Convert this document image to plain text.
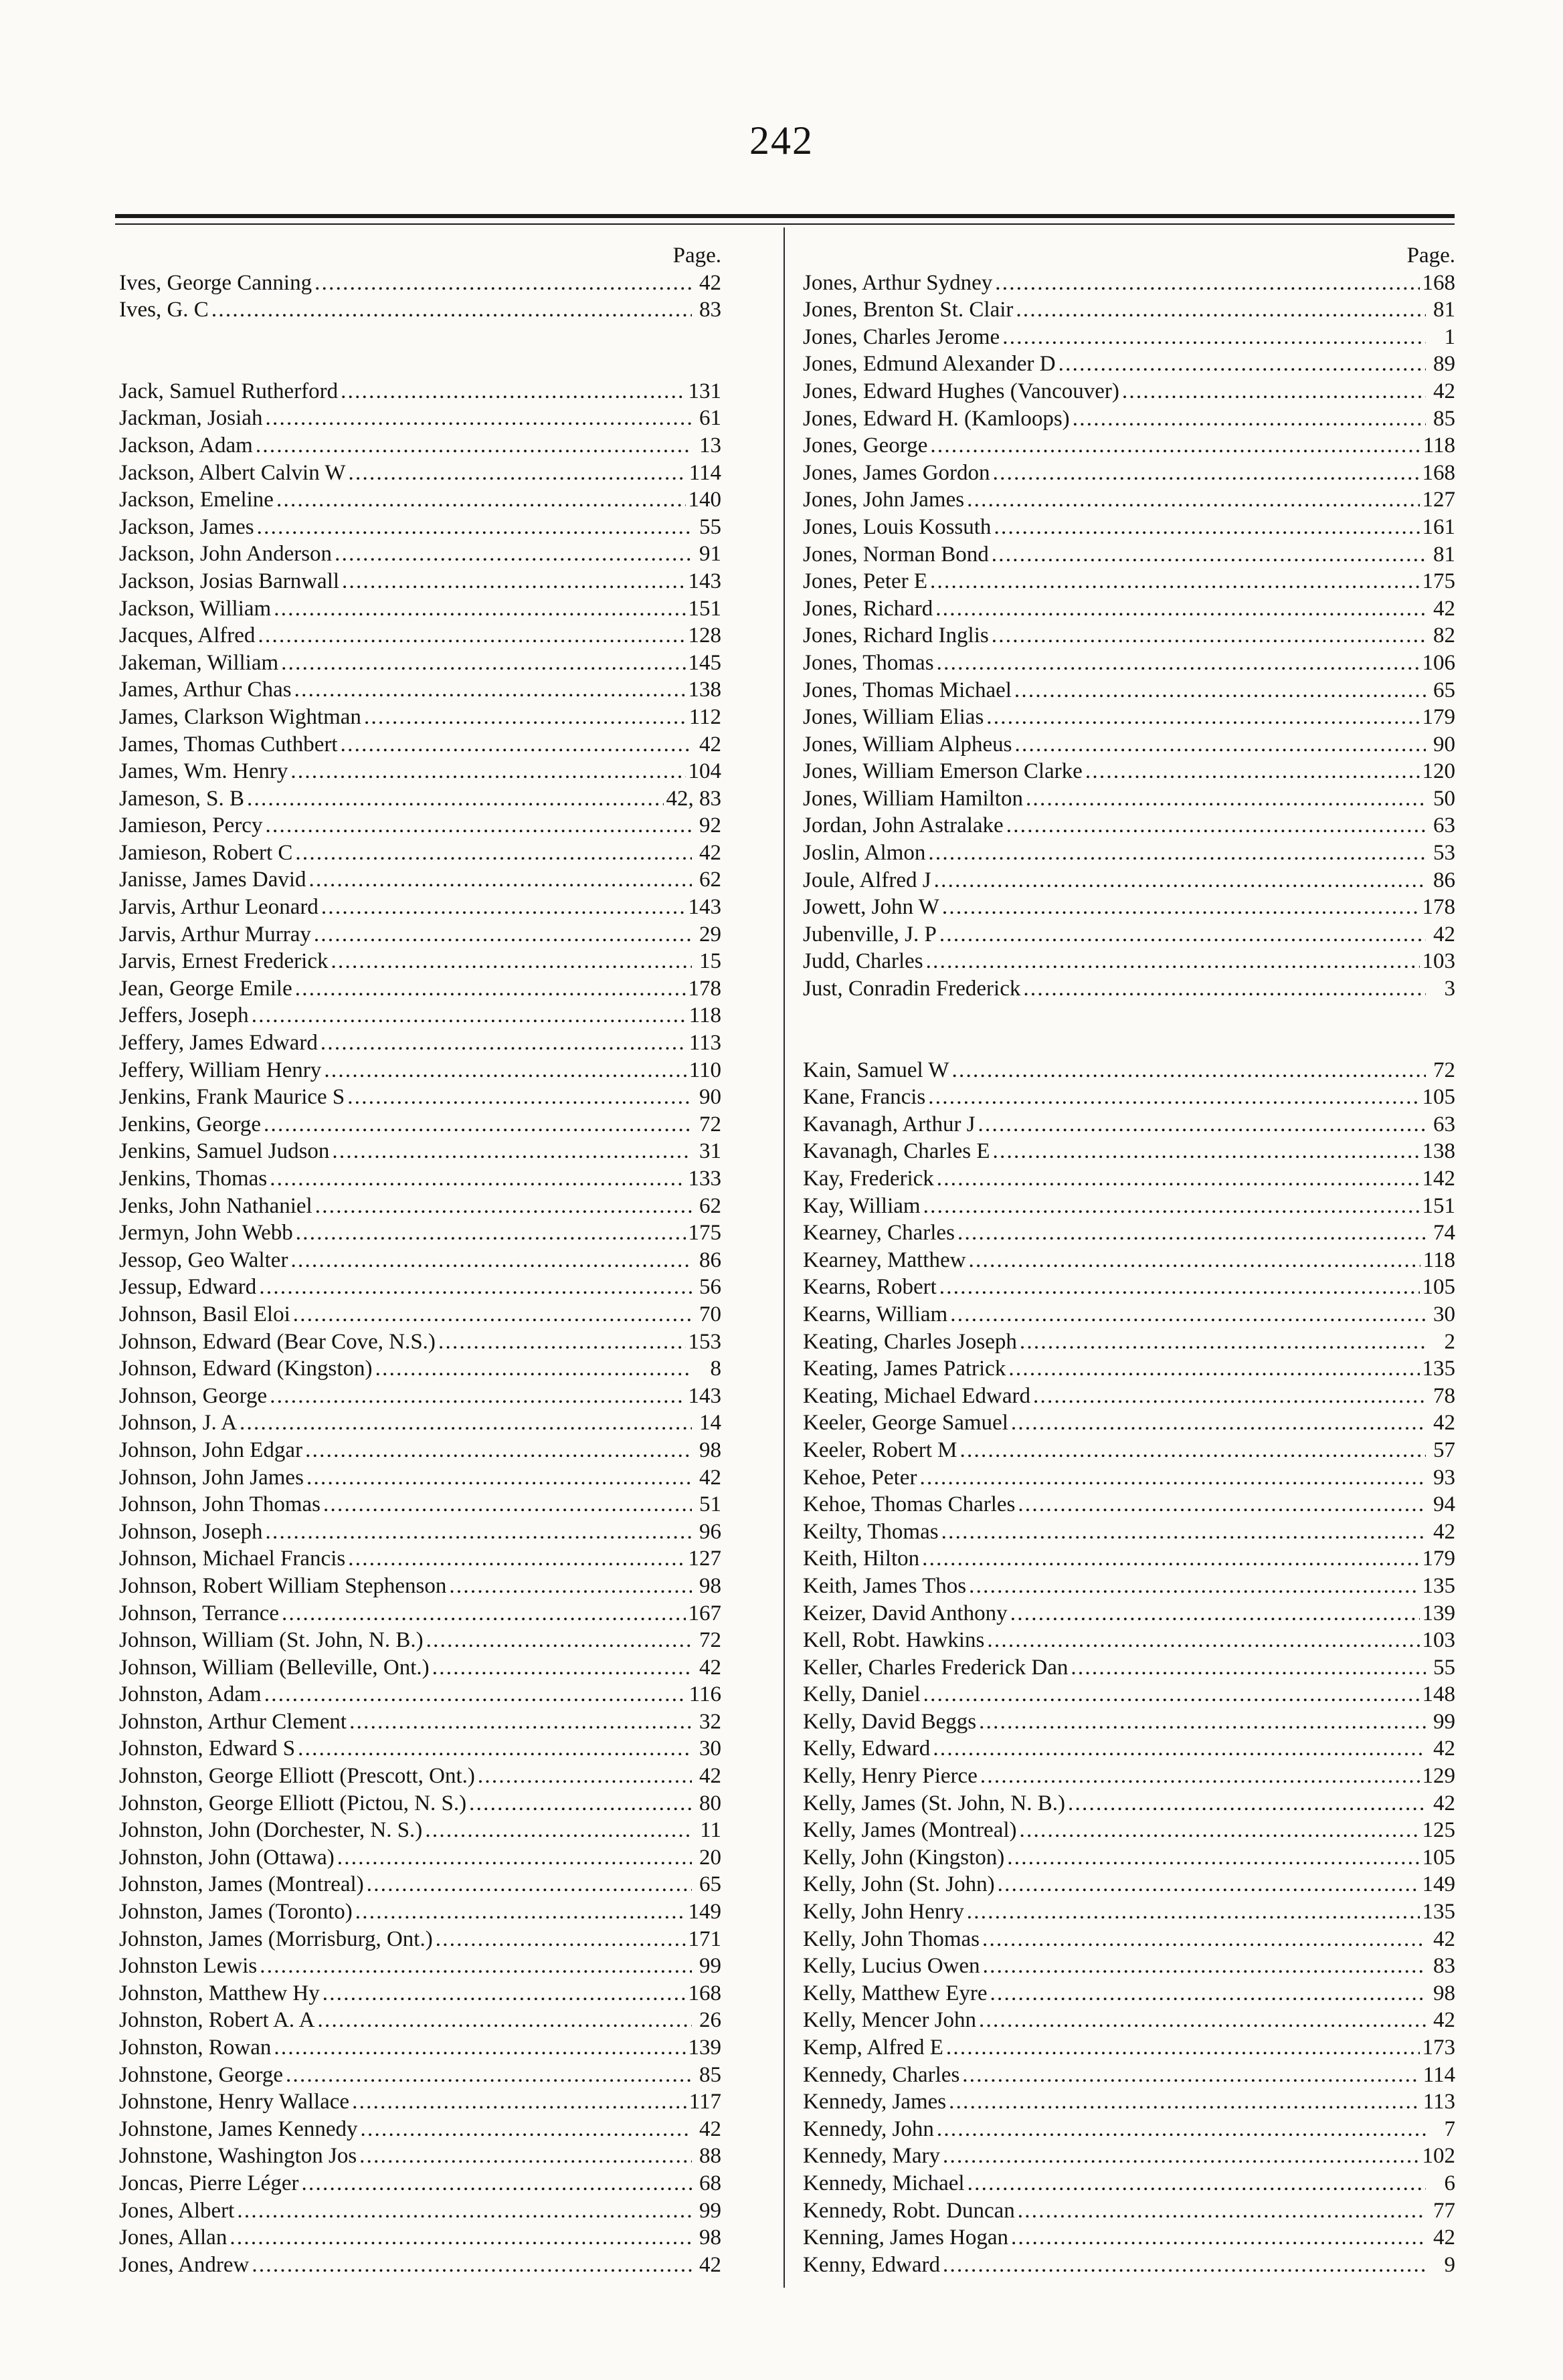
242
Page.
Ives, George Canning . . .	42
Ives, G. C . . .	83
Jack, Samuel Rutherford . . .	131
Jackman, Josiah . . .	61
Jackson, Adam . . .	13
Jackson, Albert Calvin W . . .	114
Jackson, Emeline . . .	140
Jackson, James . . .	55
Jackson, John Anderson . . .	91
Jackson, Josias Barnwall . . .	143
Jackson, William . . .	151
Jacques, Alfred . . .	128
Jakeman, William . . .	145
James, Arthur Chas . . .	138
James, Clarkson Wightman . . .	112
James, Thomas Cuthbert . . .	42
James, Wm. Henry . . .	104
Jameson, S. B . . .	42, 83
Jamieson, Percy . . .	92
Jamieson, Robert C . . .	42
Janisse, James David . . .	62
Jarvis, Arthur Leonard . . .	143
Jarvis, Arthur Murray . . .	29
Jarvis, Ernest Frederick . . .	15
Jean, George Emile . . .	178
Jeffers, Joseph . . .	118
Jeffery, James Edward . . .	113
Jeffery, William Henry . . .	110
Jenkins, Frank Maurice S . . .	90
Jenkins, George . . .	72
Jenkins, Samuel Judson . . .	31
Jenkins, Thomas . . .	133
Jenks, John Nathaniel . . .	62
Jermyn, John Webb . . .	175
Jessop, Geo Walter . . .	86
Jessup, Edward . . .	56
Johnson, Basil Eloi . . .	70
Johnson, Edward (Bear Cove, N.S.) . . .	153
Johnson, Edward (Kingston) . . .	8
Johnson, George . . .	143
Johnson, J. A . . .	14
Johnson, John Edgar . . .	98
Johnson, John James . . .	42
Johnson, John Thomas . . .	51
Johnson, Joseph . . .	96
Johnson, Michael Francis . . .	127
Johnson, Robert William Stephenson . . .	98
Johnson, Terrance . . .	167
Johnson, William (St. John, N. B.) . . .	72
Johnson, William (Belleville, Ont.) . . .	42
Johnston, Adam . . .	116
Johnston, Arthur Clement . . .	32
Johnston, Edward S . . .	30
Johnston, George Elliott (Prescott, Ont.) . . .	42
Johnston, George Elliott (Pictou, N. S.) . . .	80
Johnston, John (Dorchester, N. S.) . . .	11
Johnston, John (Ottawa) . . .	20
Johnston, James (Montreal) . . .	65
Johnston, James (Toronto) . . .	149
Johnston, James (Morrisburg, Ont.) . . .	171
Johnston Lewis . . .	99
Johnston, Matthew Hy . . .	168
Johnston, Robert A. A . . .	26
Johnston, Rowan . . .	139
Johnstone, George . . .	85
Johnstone, Henry Wallace . . .	117
Johnstone, James Kennedy . . .	42
Johnstone, Washington Jos . . .	88
Joncas, Pierre Léger . . .	68
Jones, Albert . . .	99
Jones, Allan . . .	98
Jones, Andrew . . .	42
Page.
Jones, Arthur Sydney . . .	168
Jones, Brenton St. Clair . . .	81
Jones, Charles Jerome . . .	1
Jones, Edmund Alexander D . . .	89
Jones, Edward Hughes (Vancouver) . . .	42
Jones, Edward H. (Kamloops) . . .	85
Jones, George . . .	118
Jones, James Gordon . . .	168
Jones, John James . . .	127
Jones, Louis Kossuth . . .	161
Jones, Norman Bond . . .	81
Jones, Peter E . . .	175
Jones, Richard . . .	42
Jones, Richard Inglis . . .	82
Jones, Thomas . . .	106
Jones, Thomas Michael . . .	65
Jones, William Elias . . .	179
Jones, William Alpheus . . .	90
Jones, William Emerson Clarke . . .	120
Jones, William Hamilton . . .	50
Jordan, John Astralake . . .	63
Joslin, Almon . . .	53
Joule, Alfred J . . .	86
Jowett, John W . . .	178
Jubenville, J. P . . .	42
Judd, Charles . . .	103
Just, Conradin Frederick . . .	3
Kain, Samuel W . . .	72
Kane, Francis . . .	105
Kavanagh, Arthur J . . .	63
Kavanagh, Charles E . . .	138
Kay, Frederick . . .	142
Kay, William . . .	151
Kearney, Charles . . .	74
Kearney, Matthew . . .	118
Kearns, Robert . . .	105
Kearns, William . . .	30
Keating, Charles Joseph . . .	2
Keating, James Patrick . . .	135
Keating, Michael Edward . . .	78
Keeler, George Samuel . . .	42
Keeler, Robert M . . .	57
Kehoe, Peter . . .	93
Kehoe, Thomas Charles . . .	94
Keilty, Thomas . . .	42
Keith, Hilton . . .	179
Keith, James Thos . . .	135
Keizer, David Anthony . . .	139
Kell, Robt. Hawkins . . .	103
Keller, Charles Frederick Dan . . .	55
Kelly, Daniel . . .	148
Kelly, David Beggs . . .	99
Kelly, Edward . . .	42
Kelly, Henry Pierce . . .	129
Kelly, James (St. John, N. B.) . . .	42
Kelly, James (Montreal) . . .	125
Kelly, John (Kingston) . . .	105
Kelly, John (St. John) . . .	149
Kelly, John Henry . . .	135
Kelly, John Thomas . . .	42
Kelly, Lucius Owen . . .	83
Kelly, Matthew Eyre . . .	98
Kelly, Mencer John . . .	42
Kemp, Alfred E . . .	173
Kennedy, Charles . . .	114
Kennedy, James . . .	113
Kennedy, John . . .	7
Kennedy, Mary . . .	102
Kennedy, Michael . . .	6
Kennedy, Robt. Duncan . . .	77
Kenning, James Hogan . . .	42
Kenny, Edward . . .	9
